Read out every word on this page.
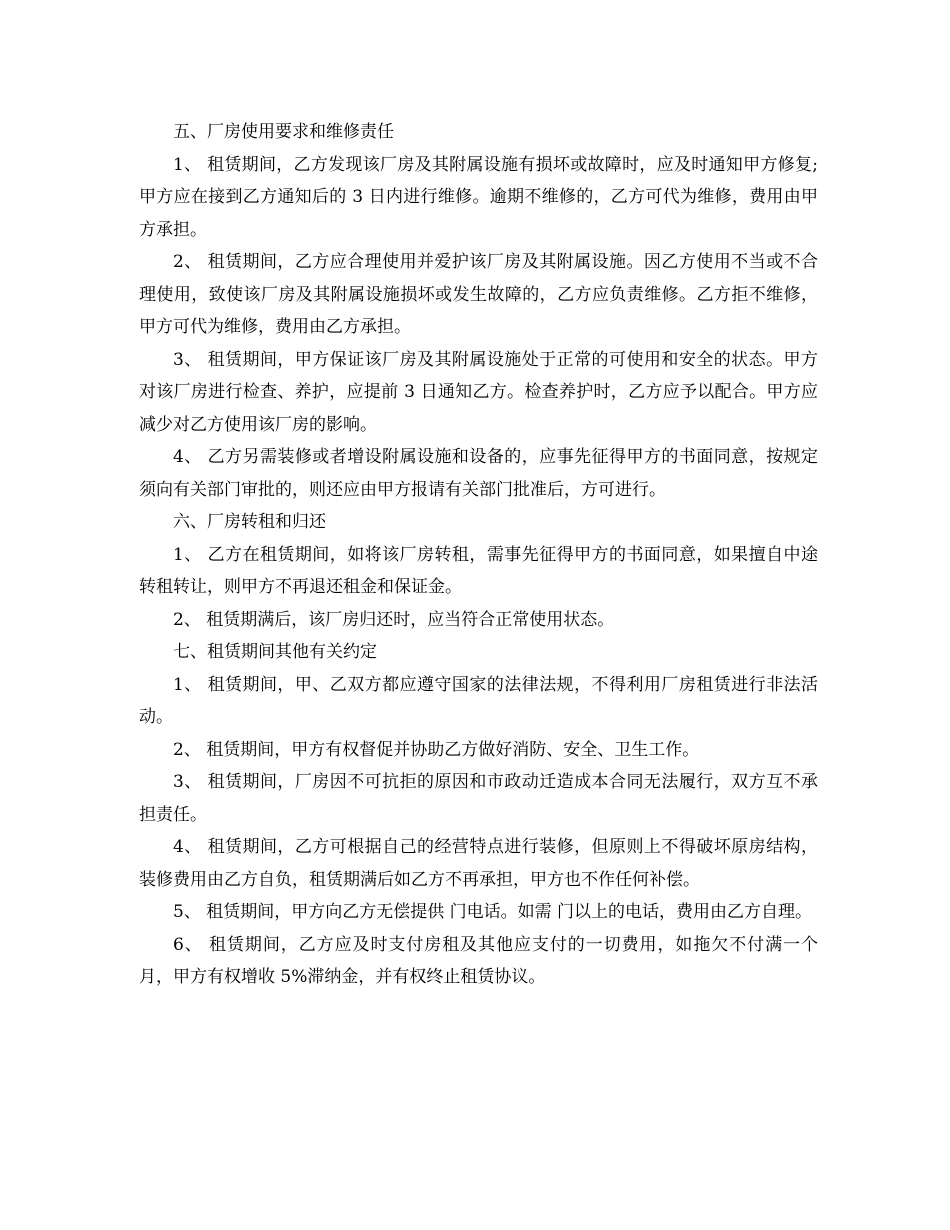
五、厂房使用要求和维修责任

1、 租赁期间，乙方发现该厂房及其附属设施有损坏或故障时，应及时通知甲方修复;甲方应在接到乙方通知后的 3 日内进行维修。逾期不维修的，乙方可代为维修，费用由甲方承担。

2、 租赁期间，乙方应合理使用并爱护该厂房及其附属设施。因乙方使用不当或不合理使用，致使该厂房及其附属设施损坏或发生故障的，乙方应负责维修。乙方拒不维修，甲方可代为维修，费用由乙方承担。

3、 租赁期间，甲方保证该厂房及其附属设施处于正常的可使用和安全的状态。甲方对该厂房进行检查、养护，应提前 3 日通知乙方。检查养护时，乙方应予以配合。甲方应减少对乙方使用该厂房的影响。

4、 乙方另需装修或者增设附属设施和设备的，应事先征得甲方的书面同意，按规定须向有关部门审批的，则还应由甲方报请有关部门批准后，方可进行。

六、厂房转租和归还

1、 乙方在租赁期间，如将该厂房转租，需事先征得甲方的书面同意，如果擅自中途转租转让，则甲方不再退还租金和保证金。

2、 租赁期满后，该厂房归还时，应当符合正常使用状态。

七、租赁期间其他有关约定

1、 租赁期间，甲、乙双方都应遵守国家的法律法规，不得利用厂房租赁进行非法活动。

2、 租赁期间，甲方有权督促并协助乙方做好消防、安全、卫生工作。

3、 租赁期间，厂房因不可抗拒的原因和市政动迁造成本合同无法履行，双方互不承担责任。

4、 租赁期间，乙方可根据自己的经营特点进行装修，但原则上不得破坏原房结构，装修费用由乙方自负，租赁期满后如乙方不再承担，甲方也不作任何补偿。

5、 租赁期间，甲方向乙方无偿提供 门电话。如需 门以上的电话，费用由乙方自理。

6、 租赁期间，乙方应及时支付房租及其他应支付的一切费用，如拖欠不付满一个月，甲方有权增收 5%滞纳金，并有权终止租赁协议。
